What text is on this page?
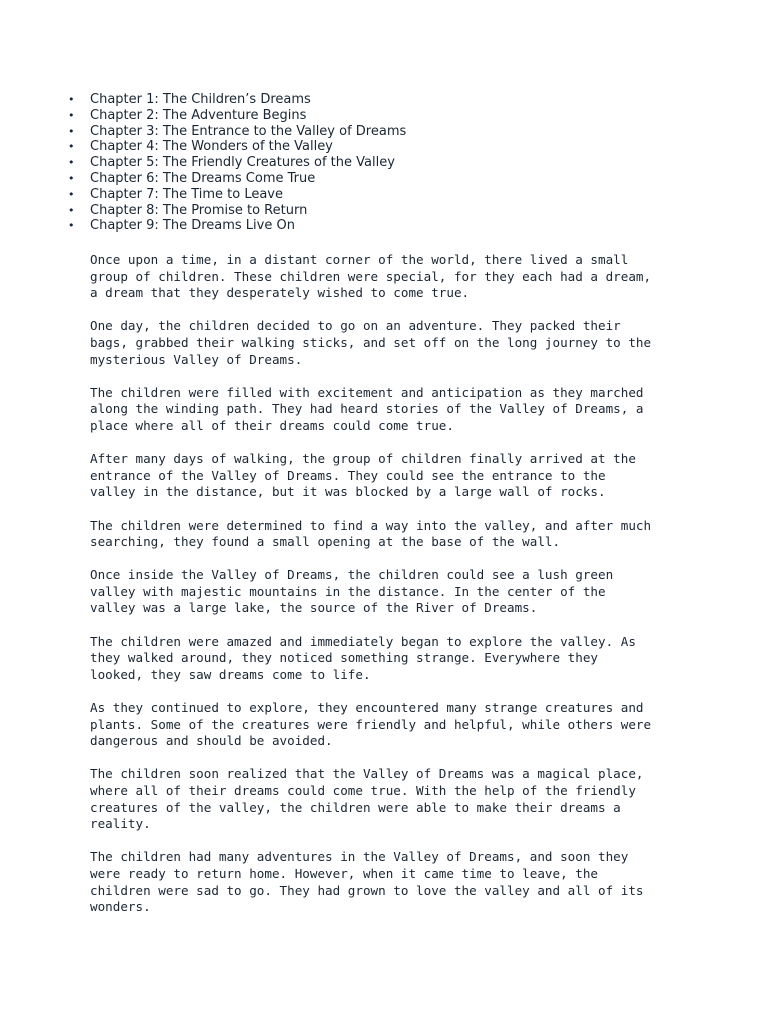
• Chapter 1: The Children’s Dreams
• Chapter 2: The Adventure Begins
• Chapter 3: The Entrance to the Valley of Dreams
• Chapter 4: The Wonders of the Valley
• Chapter 5: The Friendly Creatures of the Valley
• Chapter 6: The Dreams Come True
• Chapter 7: The Time to Leave
• Chapter 8: The Promise to Return
• Chapter 9: The Dreams Live On

Once upon a time, in a distant corner of the world, there lived a small
group of children. These children were special, for they each had a dream,
a dream that they desperately wished to come true.

One day, the children decided to go on an adventure. They packed their
bags, grabbed their walking sticks, and set off on the long journey to the
mysterious Valley of Dreams.

The children were filled with excitement and anticipation as they marched
along the winding path. They had heard stories of the Valley of Dreams, a
place where all of their dreams could come true.

After many days of walking, the group of children finally arrived at the
entrance of the Valley of Dreams. They could see the entrance to the
valley in the distance, but it was blocked by a large wall of rocks.

The children were determined to find a way into the valley, and after much
searching, they found a small opening at the base of the wall.

Once inside the Valley of Dreams, the children could see a lush green
valley with majestic mountains in the distance. In the center of the
valley was a large lake, the source of the River of Dreams.

The children were amazed and immediately began to explore the valley. As
they walked around, they noticed something strange. Everywhere they
looked, they saw dreams come to life.

As they continued to explore, they encountered many strange creatures and
plants. Some of the creatures were friendly and helpful, while others were
dangerous and should be avoided.

The children soon realized that the Valley of Dreams was a magical place,
where all of their dreams could come true. With the help of the friendly
creatures of the valley, the children were able to make their dreams a
reality.

The children had many adventures in the Valley of Dreams, and soon they
were ready to return home. However, when it came time to leave, the
children were sad to go. They had grown to love the valley and all of its
wonders.
